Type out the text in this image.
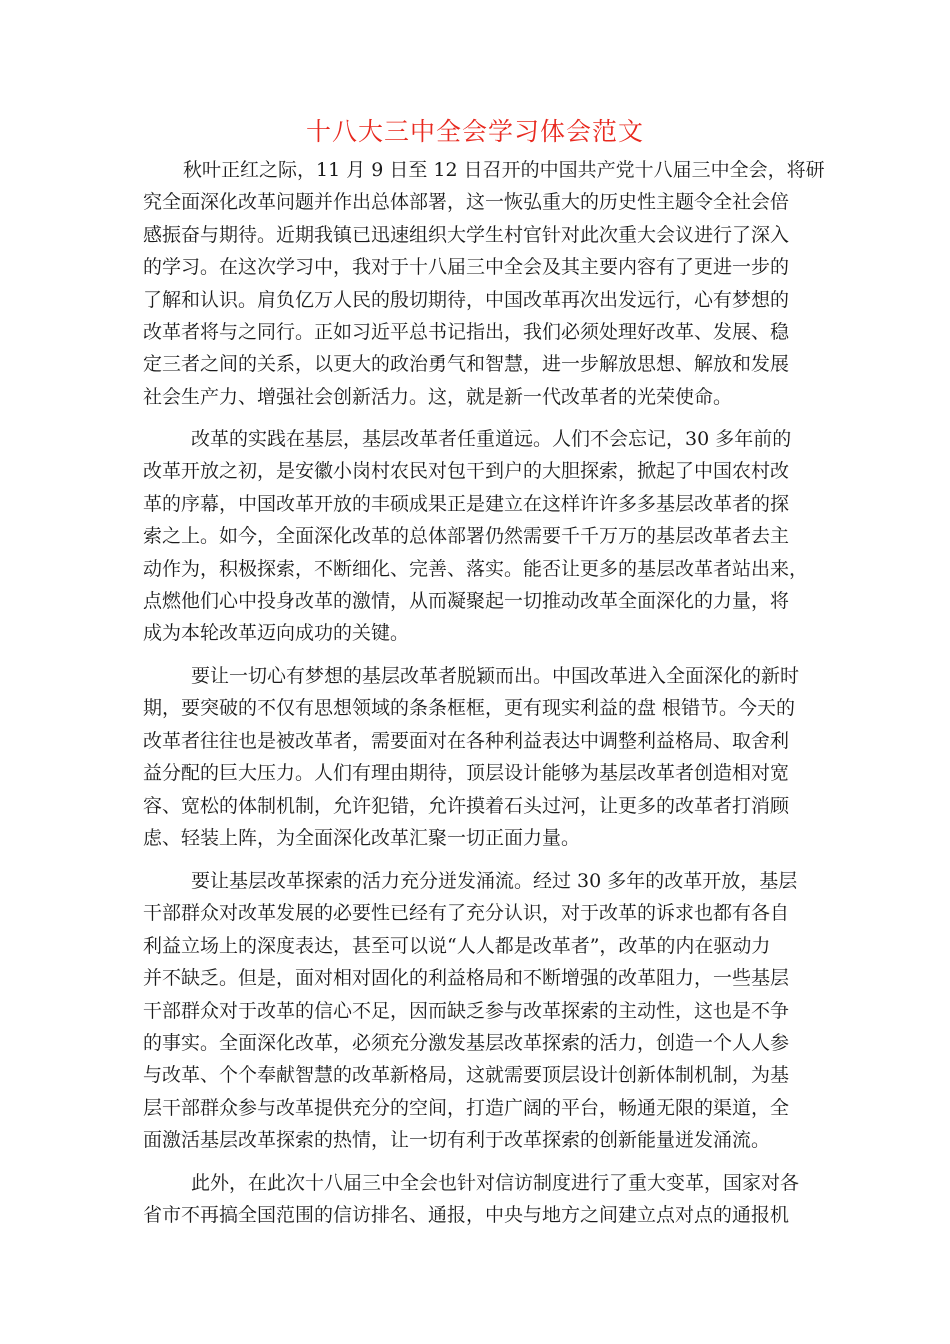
十八大三中全会学习体会范文
秋叶正红之际，11 月 9 日至 12 日召开的中国共产党十八届三中全会，将研
究全面深化改革问题并作出总体部署，这一恢弘重大的历史性主题令全社会倍
感振奋与期待。近期我镇已迅速组织大学生村官针对此次重大会议进行了深入
的学习。在这次学习中，我对于十八届三中全会及其主要内容有了更进一步的
了解和认识。肩负亿万人民的殷切期待，中国改革再次出发远行，心有梦想的
改革者将与之同行。正如习近平总书记指出，我们必须处理好改革、发展、稳
定三者之间的关系，以更大的政治勇气和智慧，进一步解放思想、解放和发展
社会生产力、增强社会创新活力。这，就是新一代改革者的光荣使命。
改革的实践在基层，基层改革者任重道远。人们不会忘记，30 多年前的
改革开放之初，是安徽小岗村农民对包干到户的大胆探索，掀起了中国农村改
革的序幕，中国改革开放的丰硕成果正是建立在这样许许多多基层改革者的探
索之上。如今，全面深化改革的总体部署仍然需要千千万万的基层改革者去主
动作为，积极探索，不断细化、完善、落实。能否让更多的基层改革者站出来，
点燃他们心中投身改革的激情，从而凝聚起一切推动改革全面深化的力量，将
成为本轮改革迈向成功的关键。
要让一切心有梦想的基层改革者脱颖而出。中国改革进入全面深化的新时
期，要突破的不仅有思想领域的条条框框，更有现实利益的盘 根错节。今天的
改革者往往也是被改革者，需要面对在各种利益表达中调整利益格局、取舍利
益分配的巨大压力。人们有理由期待，顶层设计能够为基层改革者创造相对宽
容、宽松的体制机制，允许犯错，允许摸着石头过河，让更多的改革者打消顾
虑、轻装上阵，为全面深化改革汇聚一切正面力量。
要让基层改革探索的活力充分迸发涌流。经过 30 多年的改革开放，基层
干部群众对改革发展的必要性已经有了充分认识，对于改革的诉求也都有各自
利益立场上的深度表达，甚至可以说“人人都是改革者”，改革的内在驱动力
并不缺乏。但是，面对相对固化的利益格局和不断增强的改革阻力，一些基层
干部群众对于改革的信心不足，因而缺乏参与改革探索的主动性，这也是不争
的事实。全面深化改革，必须充分激发基层改革探索的活力，创造一个人人参
与改革、个个奉献智慧的改革新格局，这就需要顶层设计创新体制机制，为基
层干部群众参与改革提供充分的空间，打造广阔的平台，畅通无限的渠道，全
面激活基层改革探索的热情，让一切有利于改革探索的创新能量迸发涌流。
此外，在此次十八届三中全会也针对信访制度进行了重大变革，国家对各
省市不再搞全国范围的信访排名、通报，中央与地方之间建立点对点的通报机
